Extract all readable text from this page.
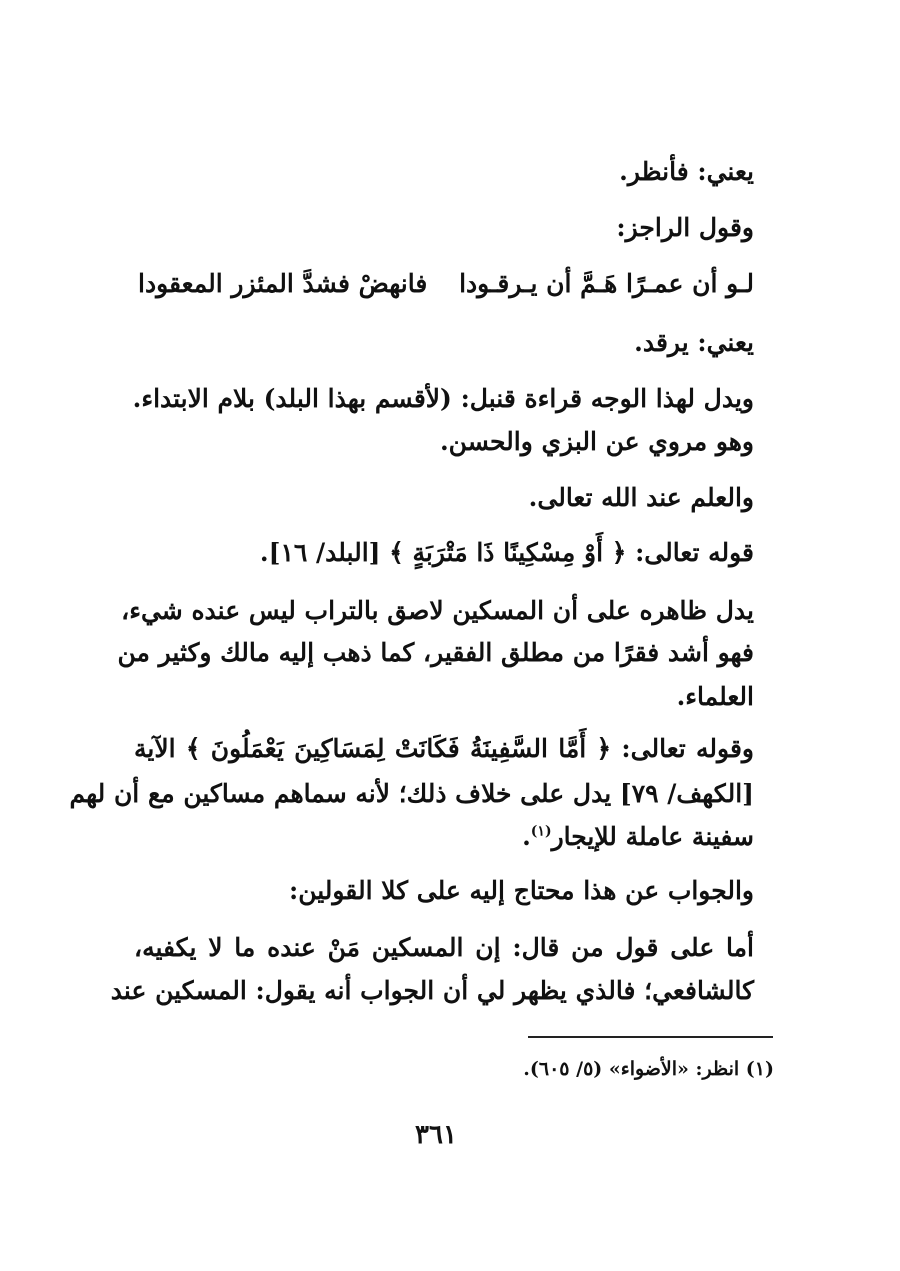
يعني: فأنظر.
وقول الراجز:
لـو أن عمـرًا هَـمَّ أن يـرقـودا
فانهضْ فشدَّ المئزر المعقودا
يعني: يرقد.
ويدل لهذا الوجه قراءة قنبل: (لأقسم بهذا البلد) بلام الابتداء.
وهو مروي عن البزي والحسن.
والعلم عند الله تعالى.
قوله تعالى: ﴿ أَوْ مِسْكِينًا ذَا مَتْرَبَةٍ ﴾ [البلد/ ١٦].
يدل ظاهره على أن المسكين لاصق بالتراب ليس عنده شيء،
فهو أشد فقرًا من مطلق الفقير، كما ذهب إليه مالك وكثير من
العلماء.
وقوله تعالى: ﴿ أَمَّا السَّفِينَةُ فَكَانَتْ لِمَسَاكِينَ يَعْمَلُونَ ﴾ الآية
[الكهف/ ٧٩] يدل على خلاف ذلك؛ لأنه سماهم مساكين مع أن لهم
سفينة عاملة للإيجار$^{(١)}$.
والجواب عن هذا محتاج إليه على كلا القولين:
أما على قول من قال: إن المسكين مَنْ عنده ما لا يكفيه،
كالشافعي؛ فالذي يظهر لي أن الجواب أنه يقول: المسكين عند
(١) انظر: «الأضواء» (٥/ ٦٠٥).
٣٦١
